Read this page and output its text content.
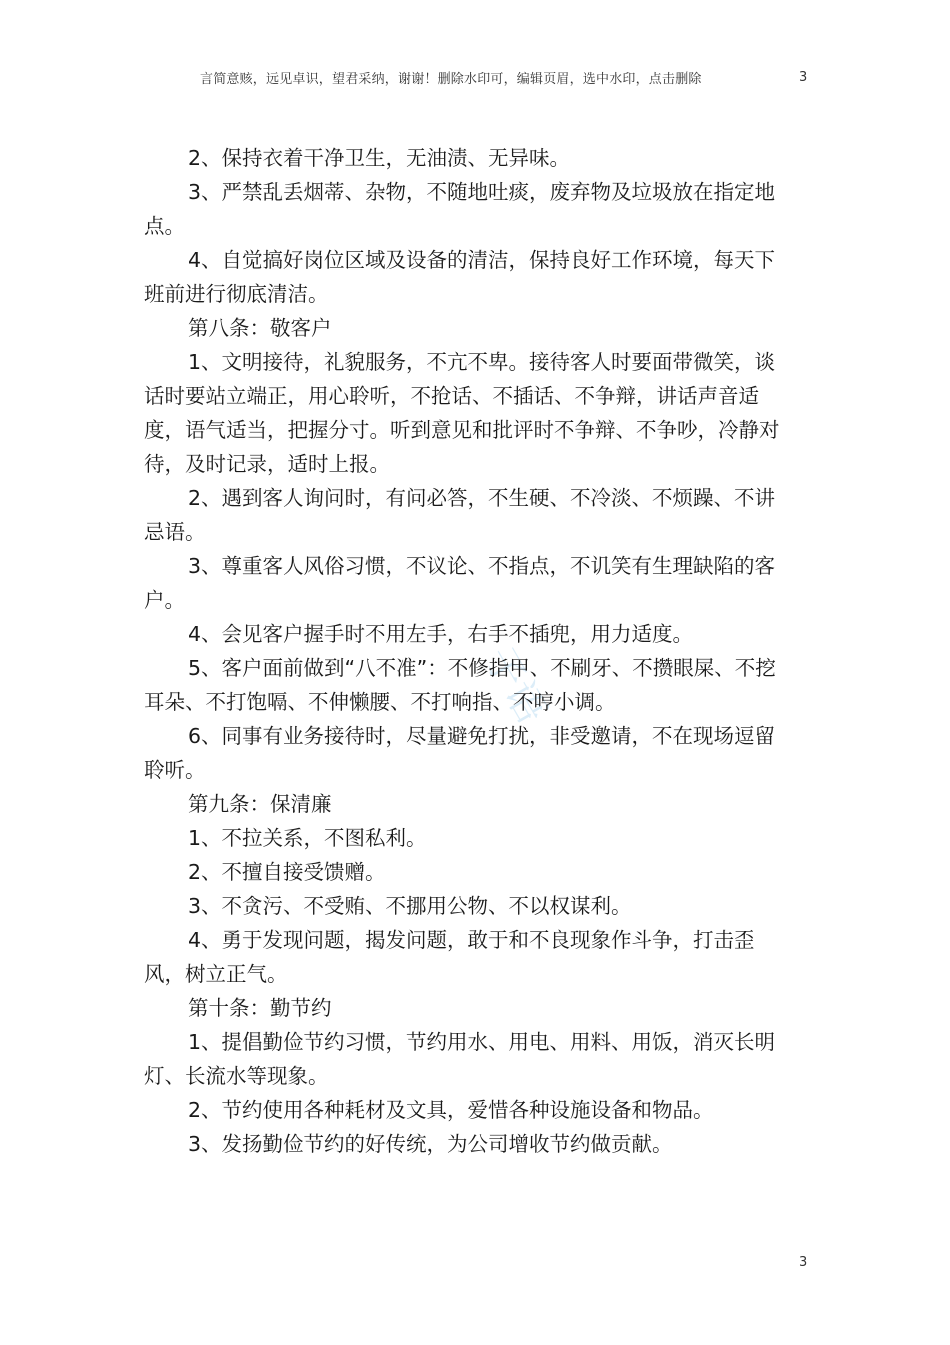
言简意赅，远见卓识，望君采纳，谢谢！删除水印可，编辑页眉，选中水印，点击删除	3
子语

2、保持衣着干净卫生，无油渍、无异味。

3、严禁乱丢烟蒂、杂物，不随地吐痰，废弃物及垃圾放在指定地点。

4、自觉搞好岗位区域及设备的清洁，保持良好工作环境，每天下班前进行彻底清洁。

第八条：敬客户

1、文明接待，礼貌服务，不亢不卑。接待客人时要面带微笑，谈话时要站立端正，用心聆听，不抢话、不插话、不争辩，讲话声音适度，语气适当，把握分寸。听到意见和批评时不争辩、不争吵，冷静对待，及时记录，适时上报。

2、遇到客人询问时，有问必答，不生硬、不冷淡、不烦躁、不讲忌语。

3、尊重客人风俗习惯，不议论、不指点，不讥笑有生理缺陷的客户。

4、会见客户握手时不用左手，右手不插兜，用力适度。

5、客户面前做到“八不准”：不修指甲、不刷牙、不攒眼屎、不挖耳朵、不打饱嗝、不伸懒腰、不打响指、不哼小调。

6、同事有业务接待时，尽量避免打扰，非受邀请，不在现场逗留聆听。

第九条：保清廉

1、不拉关系，不图私利。

2、不擅自接受馈赠。

3、不贪污、不受贿、不挪用公物、不以权谋利。

4、勇于发现问题，揭发问题，敢于和不良现象作斗争，打击歪风，树立正气。

第十条：勤节约

1、提倡勤俭节约习惯，节约用水、用电、用料、用饭，消灭长明灯、长流水等现象。

2、节约使用各种耗材及文具，爱惜各种设施设备和物品。

3、发扬勤俭节约的好传统，为公司增收节约做贡献。

3
